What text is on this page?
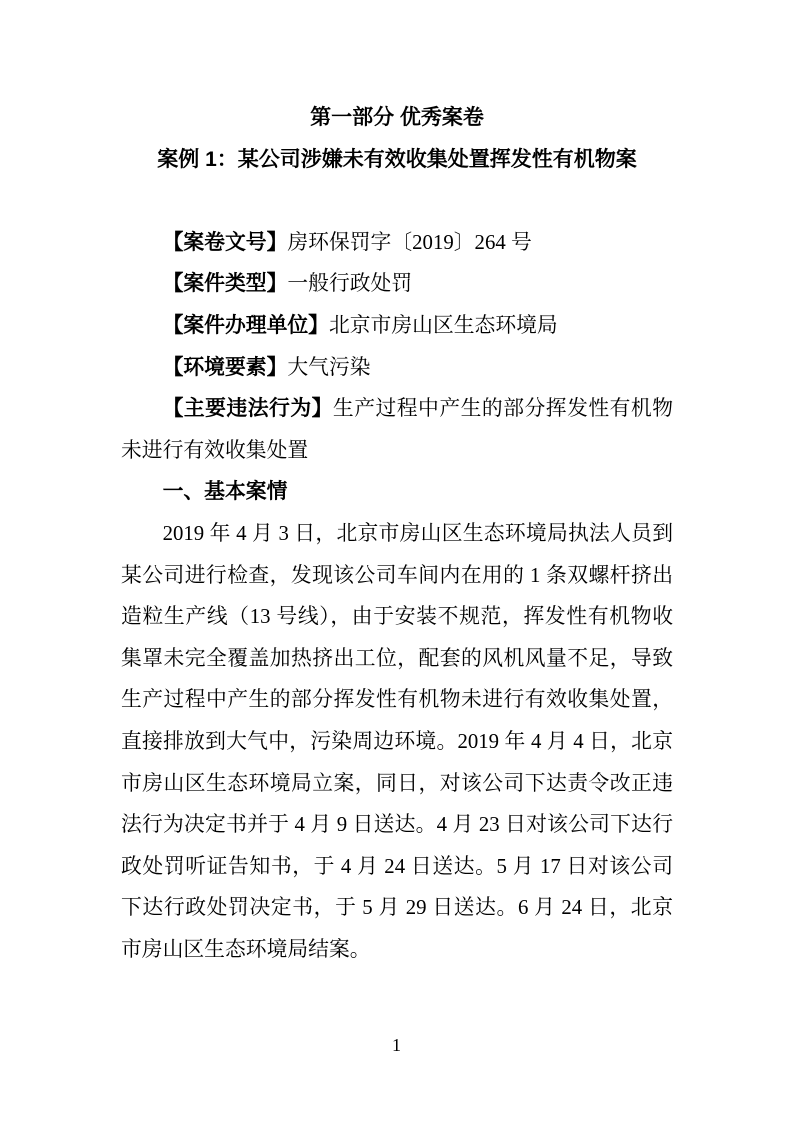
第一部分 优秀案卷
案例 1：某公司涉嫌未有效收集处置挥发性有机物案
【案卷文号】房环保罚字〔2019〕264 号
【案件类型】一般行政处罚
【案件办理单位】北京市房山区生态环境局
【环境要素】大气污染
【主要违法行为】生产过程中产生的部分挥发性有机物未进行有效收集处置
一、基本案情
2019 年 4 月 3 日，北京市房山区生态环境局执法人员到
某公司进行检查，发现该公司车间内在用的 1 条双螺杆挤出
造粒生产线（13 号线），由于安装不规范，挥发性有机物收
集罩未完全覆盖加热挤出工位，配套的风机风量不足，导致
生产过程中产生的部分挥发性有机物未进行有效收集处置，
直接排放到大气中，污染周边环境。2019 年 4 月 4 日，北京
市房山区生态环境局立案，同日，对该公司下达责令改正违
法行为决定书并于 4 月 9 日送达。4 月 23 日对该公司下达行
政处罚听证告知书，于 4 月 24 日送达。5 月 17 日对该公司
下达行政处罚决定书，于 5 月 29 日送达。6 月 24 日，北京
市房山区生态环境局结案。
1
